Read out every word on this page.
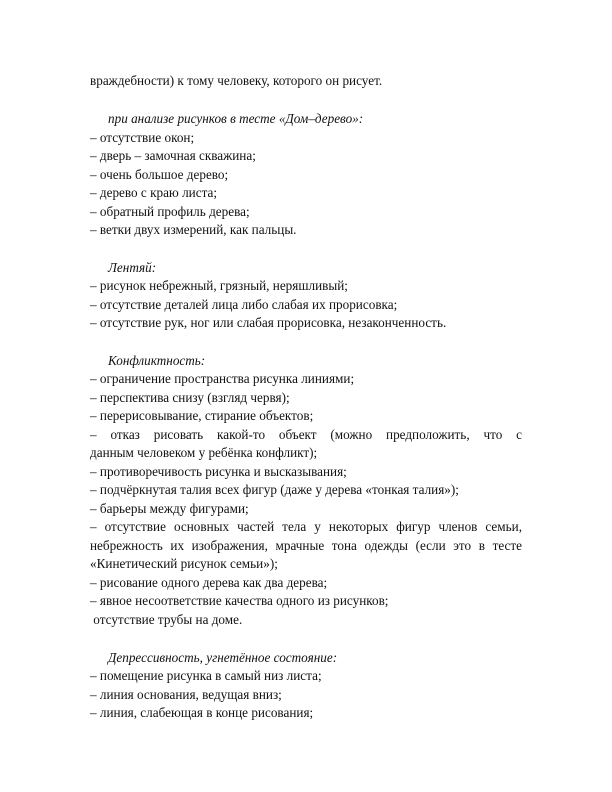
враждебности) к тому человеку, которого он рисует.
при анализе рисунков в тесте «Дом–дерево»:
– отсутствие окон;
– дверь – замочная скважина;
– очень большое дерево;
– дерево с краю листа;
– обратный профиль дерева;
– ветки двух измерений, как пальцы.
Лентяй:
– рисунок небрежный, грязный, неряшливый;
– отсутствие деталей лица либо слабая их прорисовка;
– отсутствие рук, ног или слабая прорисовка, незаконченность.
Конфликтность:
– ограничение пространства рисунка линиями;
– перспектива снизу (взгляд червя);
– перерисовывание, стирание объектов;
– отказ рисовать какой-то объект (можно предположить, что с
данным человеком у ребёнка конфликт);
– противоречивость рисунка и высказывания;
– подчёркнутая талия всех фигур (даже у дерева «тонкая талия»);
– барьеры между фигурами;
– отсутствие основных частей тела у некоторых фигур членов семьи,
небрежность их изображения, мрачные тона одежды (если это в тесте
«Кинетический рисунок семьи»);
– рисование одного дерева как два дерева;
– явное несоответствие качества одного из рисунков;
отсутствие трубы на доме.
Депрессивность, угнетённое состояние:
– помещение рисунка в самый низ листа;
– линия основания, ведущая вниз;
– линия, слабеющая в конце рисования;
